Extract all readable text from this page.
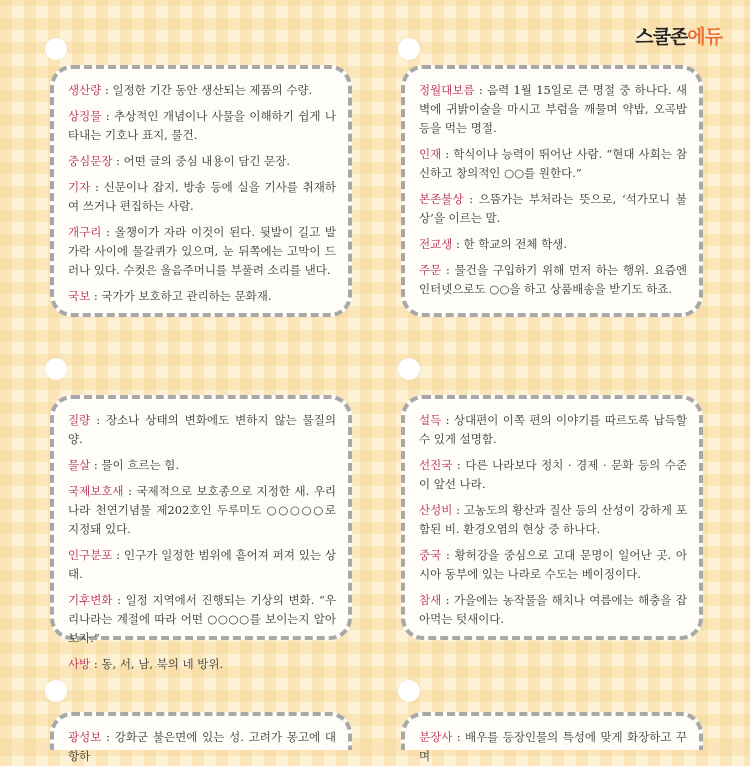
스쿨존에듀
생산량 : 일정한 기간 동안 생산되는 제품의 수량.
상징물 : 추상적인 개념이나 사물을 이해하기 쉽게 나타내는 기호나 표지, 물건.
중심문장 : 어떤 글의 중심 내용이 담긴 문장.
기자 : 신문이나 잡지, 방송 등에 실을 기사를 취재하여 쓰거나 편집하는 사람.
개구리 : 올챙이가 자라 이것이 된다. 뒷발이 길고 발가락 사이에 물갈퀴가 있으며, 눈 뒤쪽에는 고막이 드러나 있다. 수컷은 울음주머니를 부풀려 소리를 낸다.
국보 : 국가가 보호하고 관리하는 문화재.
정월대보름 : 음력 1월 15일로 큰 명절 중 하나다. 새벽에 귀밝이술을 마시고 부럼을 깨물며 약밥, 오곡밥 등을 먹는 명절.
인재 : 학식이나 능력이 뛰어난 사람. “현대 사회는 참신하고 창의적인 ○○를 원한다.”
본존불상 : 으뜸가는 부처라는 뜻으로, ‘석가모니 불상’을 이르는 말.
전교생 : 한 학교의 전체 학생.
주문 : 물건을 구입하기 위해 먼저 하는 행위. 요즘엔 인터넷으로도 ○○을 하고 상품배송을 받기도 하죠.
질량 : 장소나 상태의 변화에도 변하지 않는 물질의 양.
물살 : 물이 흐르는 힘.
국제보호새 : 국제적으로 보호종으로 지정한 새. 우리나라 천연기념물 제202호인 두루미도 ○○○○○로 지정돼 있다.
인구분포 : 인구가 일정한 범위에 흩어져 퍼져 있는 상태.
기후변화 : 일정 지역에서 진행되는 기상의 변화. “우리나라는 계절에 따라 어떤 ○○○○를 보이는지 알아보자.”
사방 : 동, 서, 남, 북의 네 방위.
설득 : 상대편이 이쪽 편의 이야기를 따르도록 납득할 수 있게 설명함.
선진국 : 다른 나라보다 정치 · 경제 · 문화 등의 수준이 앞선 나라.
산성비 : 고농도의 황산과 질산 등의 산성이 강하게 포함된 비. 환경오염의 현상 중 하나다.
중국 : 황허강을 중심으로 고대 문명이 일어난 곳. 아시아 동부에 있는 나라로 수도는 베이징이다.
참새 : 가을에는 농작물을 해치나 여름에는 해충을 잡아먹는 텃새이다.
광성보 : 강화군 불은면에 있는 성. 고려가 몽고에 대항하
분장사 : 배우를 등장인물의 특성에 맞게 화장하고 꾸며
